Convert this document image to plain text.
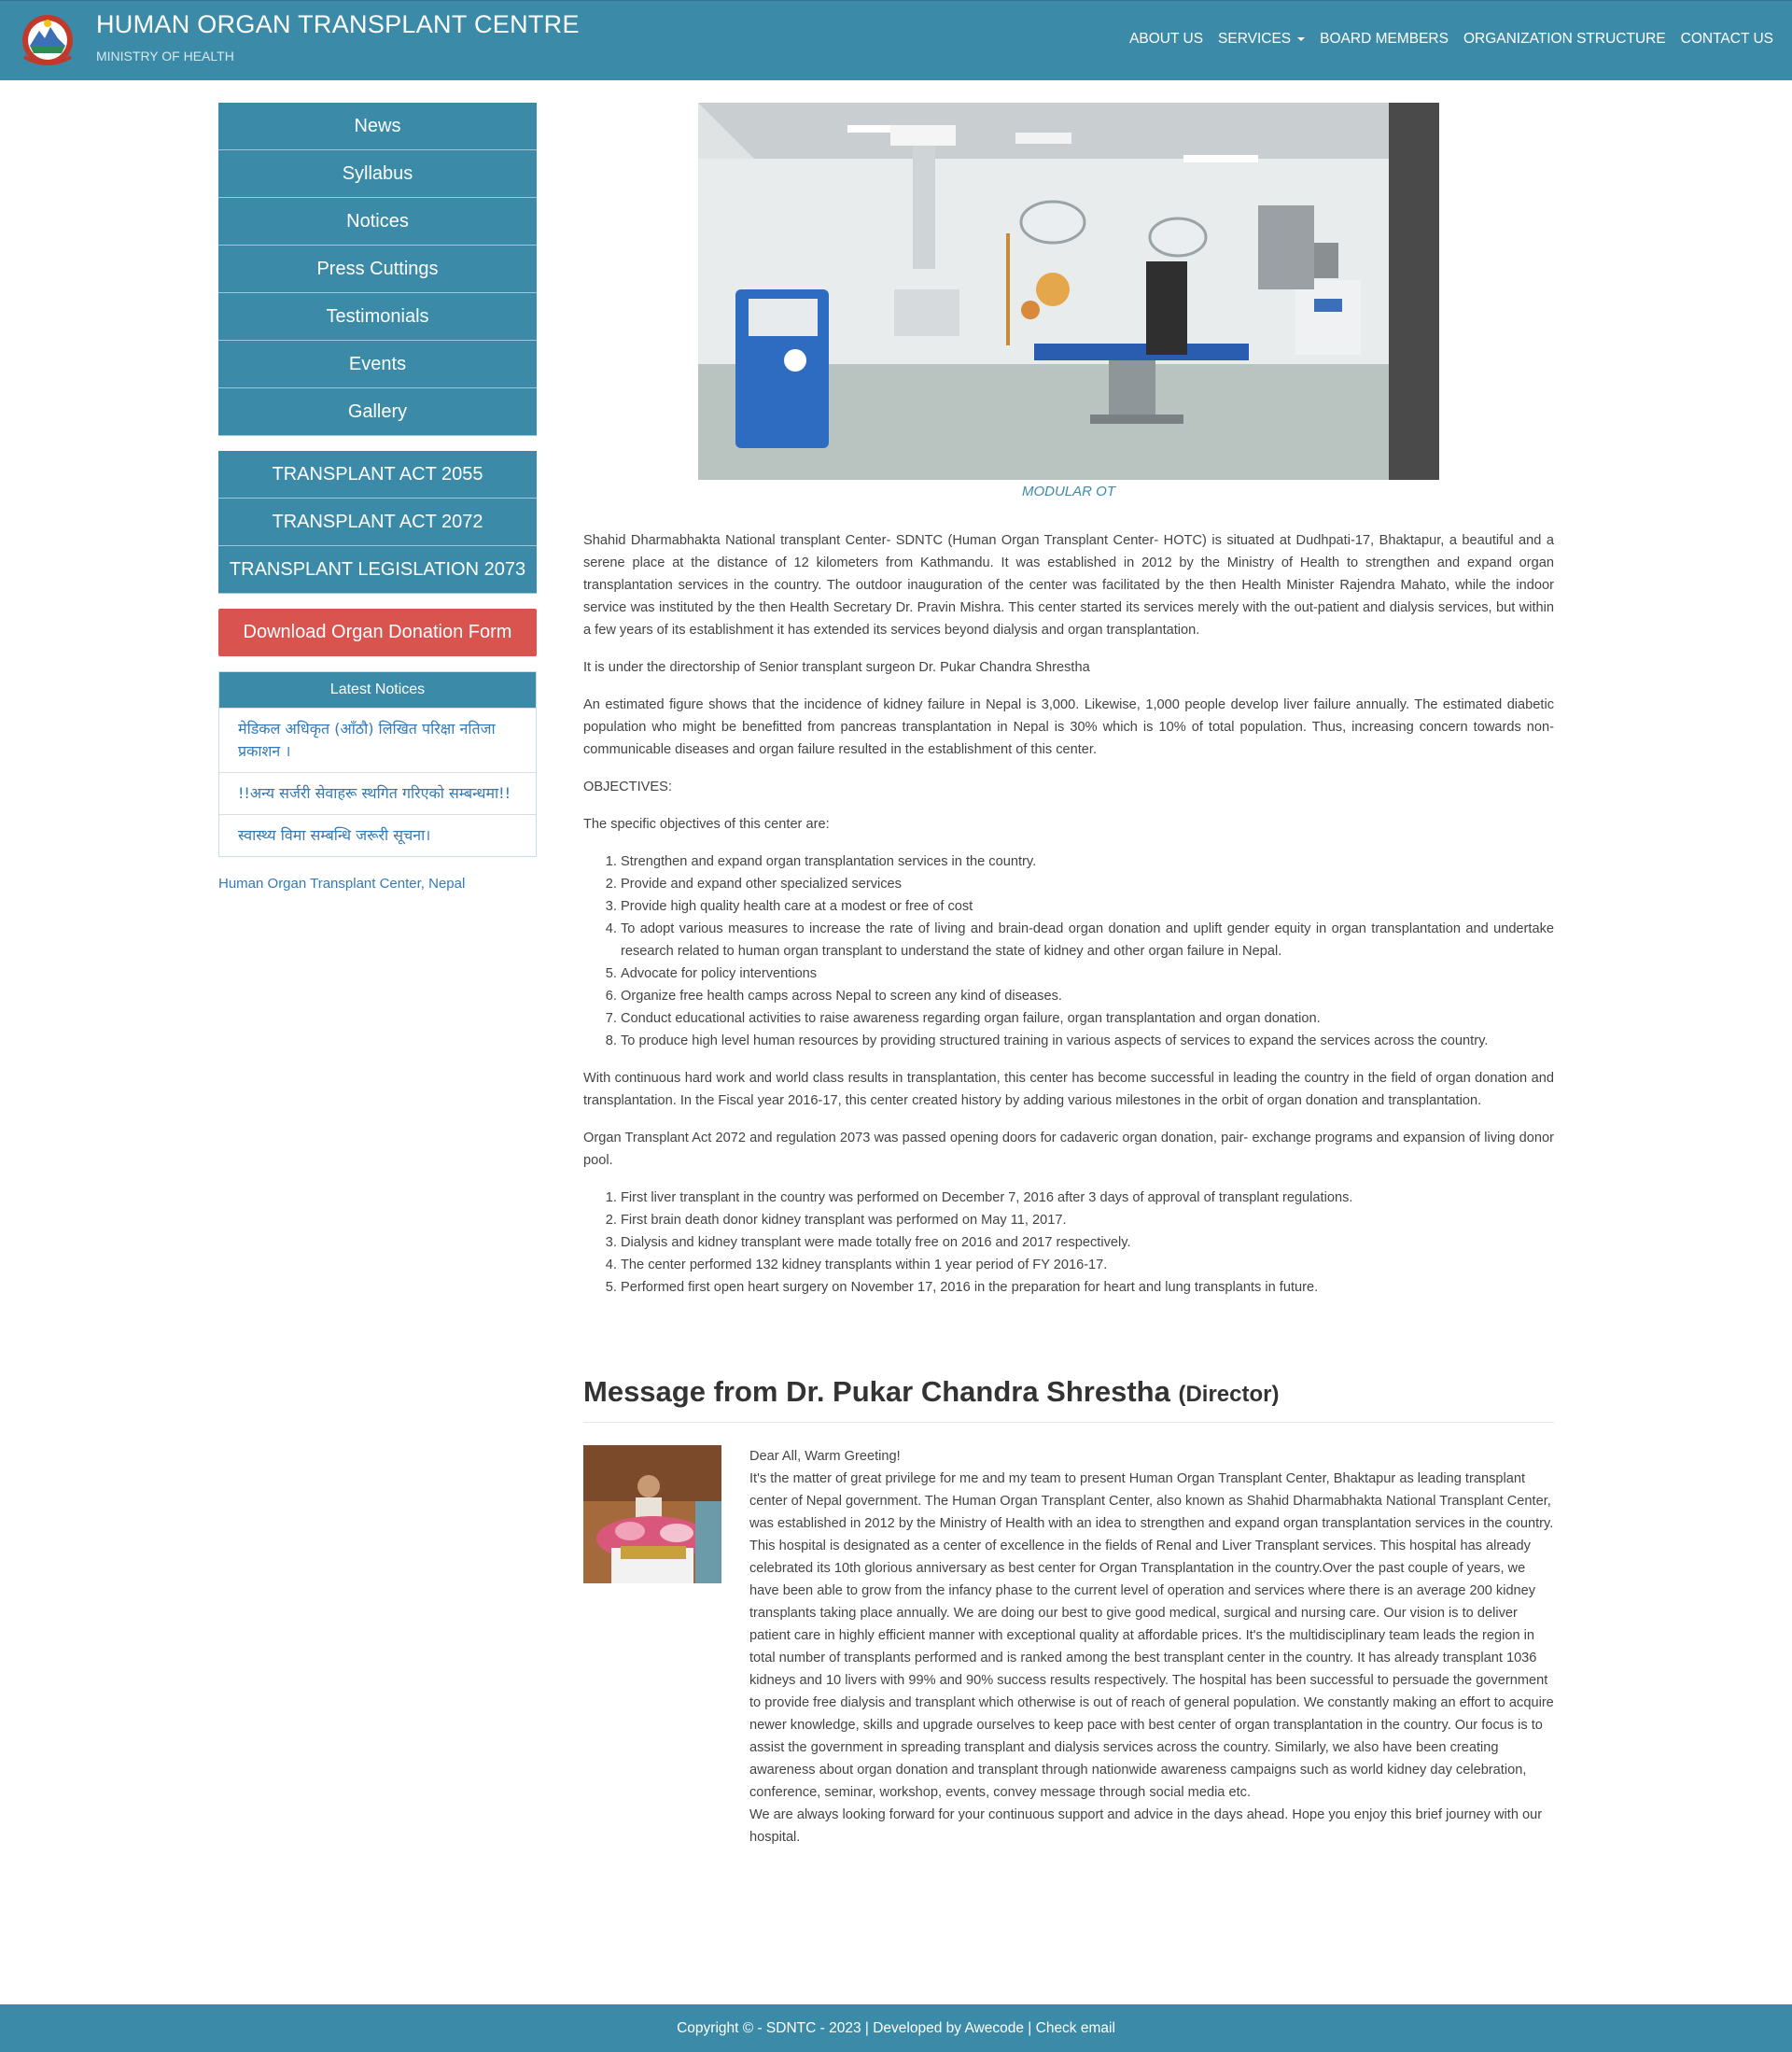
HUMAN ORGAN TRANSPLANT CENTRE
MINISTRY OF HEALTH
ABOUT US SERVICES BOARD MEMBERS ORGANIZATION STRUCTURE CONTACT US
News
Syllabus
Notices
Press Cuttings
Testimonials
Events
Gallery
TRANSPLANT ACT 2055
TRANSPLANT ACT 2072
TRANSPLANT LEGISLATION 2073
Download Organ Donation Form
Latest Notices
मेडिकल अधिकृत (आँठौ) लिखित परिक्षा नतिजा प्रकाशन ।
!!अन्य सर्जरी सेवाहरू स्थगित गरिएको सम्बन्धमा!!
स्वास्थ्य विमा सम्बन्धि जरूरी सूचना।
Human Organ Transplant Center, Nepal
MODULAR OT

Shahid Dharmabhakta National transplant Center- SDNTC (Human Organ Transplant Center- HOTC) is situated at Dudhpati-17, Bhaktapur, a beautiful and a serene place at the distance of 12 kilometers from Kathmandu. It was established in 2012 by the Ministry of Health to strengthen and expand organ transplantation services in the country. The outdoor inauguration of the center was facilitated by the then Health Minister Rajendra Mahato, while the indoor service was instituted by the then Health Secretary Dr. Pravin Mishra. This center started its services merely with the out-patient and dialysis services, but within a few years of its establishment it has extended its services beyond dialysis and organ transplantation.

It is under the directorship of Senior transplant surgeon Dr. Pukar Chandra Shrestha

An estimated figure shows that the incidence of kidney failure in Nepal is 3,000. Likewise, 1,000 people develop liver failure annually. The estimated diabetic population who might be benefitted from pancreas transplantation in Nepal is 30% which is 10% of total population. Thus, increasing concern towards non- communicable diseases and organ failure resulted in the establishment of this center.

OBJECTIVES:

The specific objectives of this center are:

1. Strengthen and expand organ transplantation services in the country.
2. Provide and expand other specialized services
3. Provide high quality health care at a modest or free of cost
4. To adopt various measures to increase the rate of living and brain-dead organ donation and uplift gender equity in organ transplantation and undertake research related to human organ transplant to understand the state of kidney and other organ failure in Nepal.
5. Advocate for policy interventions
6. Organize free health camps across Nepal to screen any kind of diseases.
7. Conduct educational activities to raise awareness regarding organ failure, organ transplantation and organ donation.
8. To produce high level human resources by providing structured training in various aspects of services to expand the services across the country.

With continuous hard work and world class results in transplantation, this center has become successful in leading the country in the field of organ donation and transplantation. In the Fiscal year 2016-17, this center created history by adding various milestones in the orbit of organ donation and transplantation.

Organ Transplant Act 2072 and regulation 2073 was passed opening doors for cadaveric organ donation, pair- exchange programs and expansion of living donor pool.

1. First liver transplant in the country was performed on December 7, 2016 after 3 days of approval of transplant regulations.
2. First brain death donor kidney transplant was performed on May 11, 2017.
3. Dialysis and kidney transplant were made totally free on 2016 and 2017 respectively.
4. The center performed 132 kidney transplants within 1 year period of FY 2016-17.
5. Performed first open heart surgery on November 17, 2016 in the preparation for heart and lung transplants in future.
Message from Dr. Pukar Chandra Shrestha (Director)
Dear All, Warm Greeting!
It's the matter of great privilege for me and my team to present Human Organ Transplant Center, Bhaktapur as leading transplant center of Nepal government. The Human Organ Transplant Center, also known as Shahid Dharmabhakta National Transplant Center, was established in 2012 by the Ministry of Health with an idea to strengthen and expand organ transplantation services in the country. This hospital is designated as a center of excellence in the fields of Renal and Liver Transplant services. This hospital has already celebrated its 10th glorious anniversary as best center for Organ Transplantation in the country.Over the past couple of years, we have been able to grow from the infancy phase to the current level of operation and services where there is an average 200 kidney transplants taking place annually. We are doing our best to give good medical, surgical and nursing care. Our vision is to deliver patient care in highly efficient manner with exceptional quality at affordable prices. It's the multidisciplinary team leads the region in total number of transplants performed and is ranked among the best transplant center in the country. It has already transplant 1036 kidneys and 10 livers with 99% and 90% success results respectively. The hospital has been successful to persuade the government to provide free dialysis and transplant which otherwise is out of reach of general population. We constantly making an effort to acquire newer knowledge, skills and upgrade ourselves to keep pace with best center of organ transplantation in the country. Our focus is to assist the government in spreading transplant and dialysis services across the country. Similarly, we also have been creating awareness about organ donation and transplant through nationwide awareness campaigns such as world kidney day celebration, conference, seminar, workshop, events, convey message through social media etc.
We are always looking forward for your continuous support and advice in the days ahead. Hope you enjoy this brief journey with our hospital.
Copyright © - SDNTC - 2023 | Developed by Awecode | Check email
